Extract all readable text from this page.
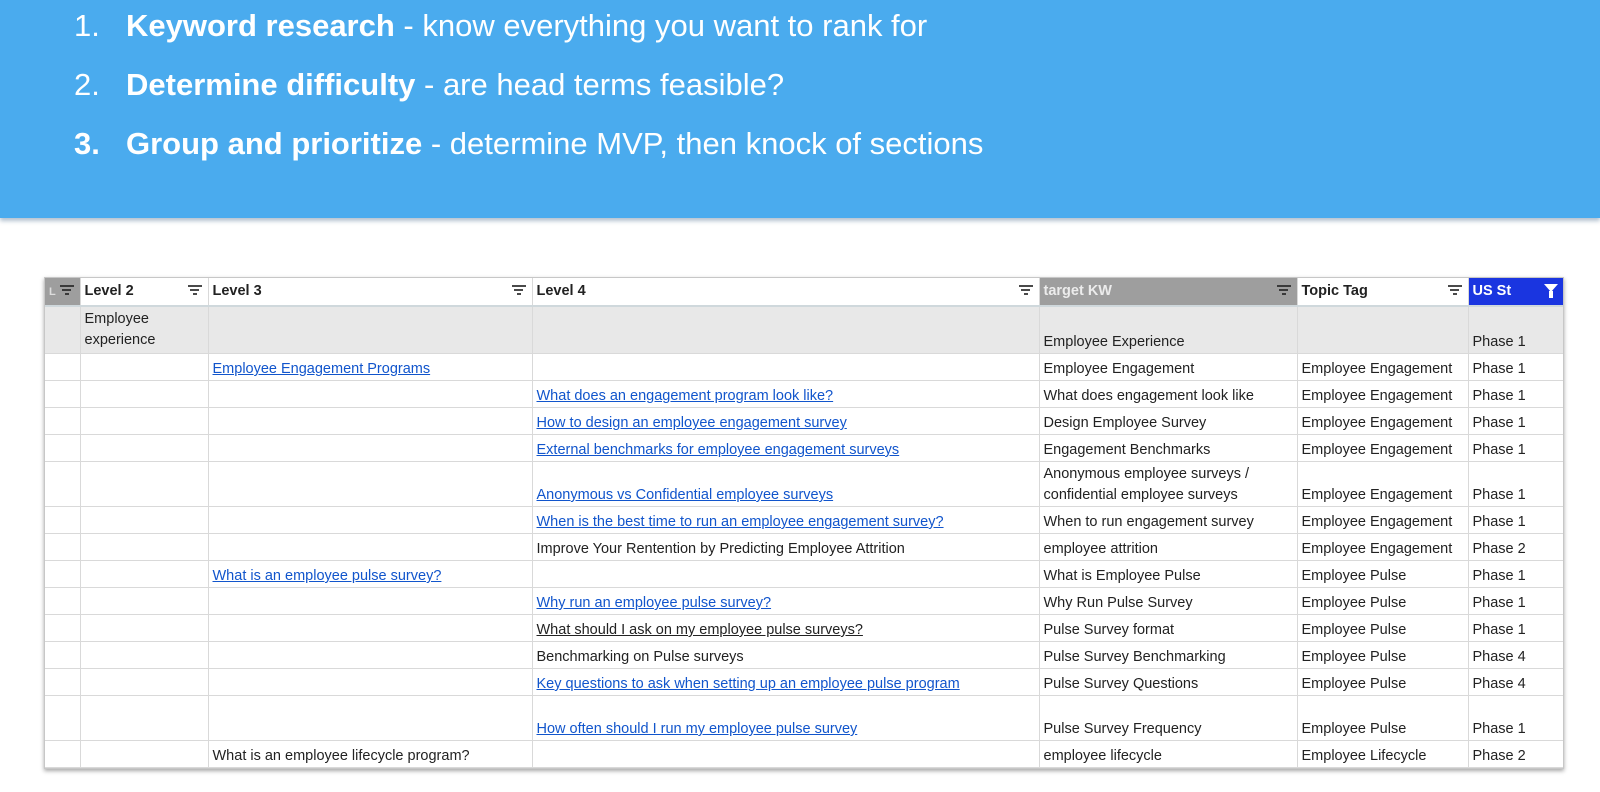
1. Keyword research - know everything you want to rank for
2. Determine difficulty - are head terms feasible?
3. Group and prioritize - determine MVP, then knock of sections
L	Level 2	Level 3	Level 4	target KW	Topic Tag	US St

	Employee experience			Employee Experience		Phase 1
		Employee Engagement Programs		Employee Engagement	Employee Engagement	Phase 1
			What does an engagement program look like?	What does engagement look like	Employee Engagement	Phase 1
			How to design an employee engagement survey	Design Employee Survey	Employee Engagement	Phase 1
			External benchmarks for employee engagement surveys	Engagement Benchmarks	Employee Engagement	Phase 1
			Anonymous vs Confidential employee surveys	Anonymous employee surveys / confidential employee surveys	Employee Engagement	Phase 1
			When is the best time to run an employee engagement survey?	When to run engagement survey	Employee Engagement	Phase 1
			Improve Your Rentention by Predicting Employee Attrition	employee attrition	Employee Engagement	Phase 2
		What is an employee pulse survey?		What is Employee Pulse	Employee Pulse	Phase 1
			Why run an employee pulse survey?	Why Run Pulse Survey	Employee Pulse	Phase 1
			What should I ask on my employee pulse surveys?	Pulse Survey format	Employee Pulse	Phase 1
			Benchmarking on Pulse surveys	Pulse Survey Benchmarking	Employee Pulse	Phase 4
			Key questions to ask when setting up an employee pulse program	Pulse Survey Questions	Employee Pulse	Phase 4
			How often should I run my employee pulse survey	Pulse Survey Frequency	Employee Pulse	Phase 1
		What is an employee lifecycle program?		employee lifecycle	Employee Lifecycle	Phase 2
